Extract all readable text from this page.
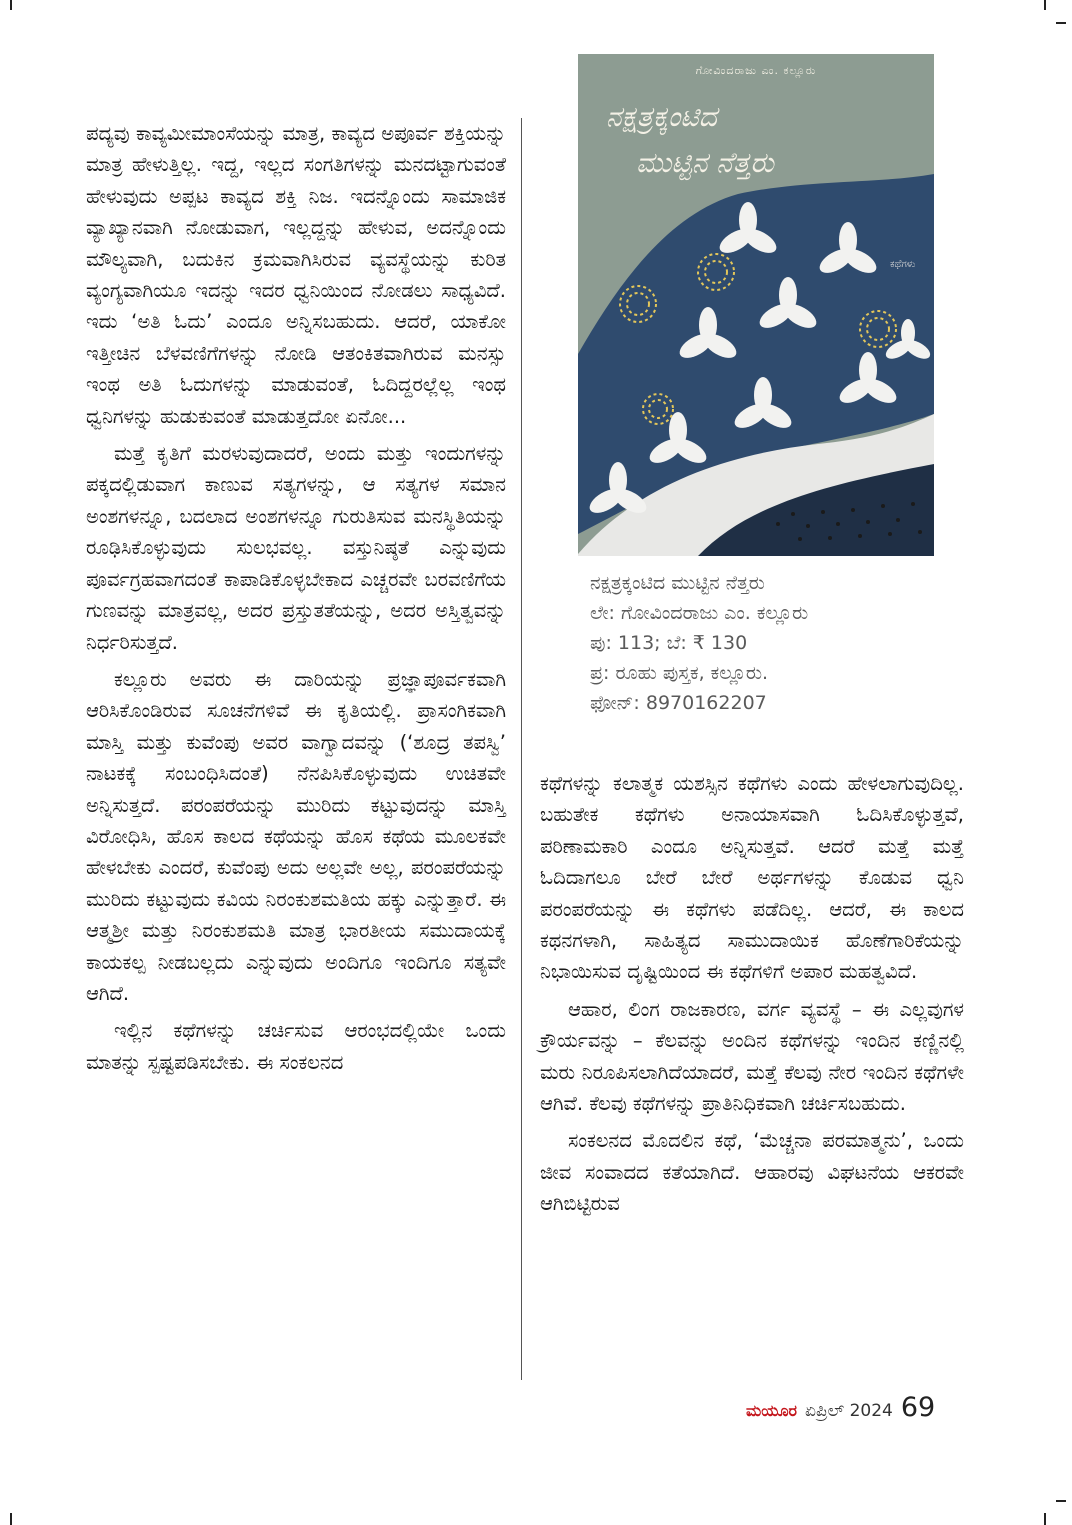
ಪದ್ಯವು ಕಾವ್ಯಮೀಮಾಂಸೆಯನ್ನು ಮಾತ್ರ, ಕಾವ್ಯದ ಅಪೂರ್ವ ಶಕ್ತಿಯನ್ನು ಮಾತ್ರ ಹೇಳುತ್ತಿಲ್ಲ. ಇದ್ದ, ಇಲ್ಲದ ಸಂಗತಿಗಳನ್ನು ಮನದಟ್ಟಾಗುವಂತೆ ಹೇಳುವುದು ಅಪ್ಪಟ ಕಾವ್ಯದ ಶಕ್ತಿ ನಿಜ. ಇದನ್ನೊಂದು ಸಾಮಾಜಿಕ ವ್ಯಾಖ್ಯಾನವಾಗಿ ನೋಡುವಾಗ, ಇಲ್ಲದ್ದನ್ನು ಹೇಳುವ, ಅದನ್ನೊಂದು ಮೌಲ್ಯವಾಗಿ, ಬದುಕಿನ ಕ್ರಮವಾಗಿಸಿರುವ ವ್ಯವಸ್ಥೆಯನ್ನು ಕುರಿತ ವ್ಯಂಗ್ಯವಾಗಿಯೂ ಇದನ್ನು ಇದರ ಧ್ವನಿಯಿಂದ ನೋಡಲು ಸಾಧ್ಯವಿದೆ. ಇದು ‘ಅತಿ ಓದು’ ಎಂದೂ ಅನ್ನಿಸಬಹುದು. ಆದರೆ, ಯಾಕೋ ಇತ್ತೀಚಿನ ಬೆಳವಣಿಗೆಗಳನ್ನು ನೋಡಿ ಆತಂಕಿತವಾಗಿರುವ ಮನಸ್ಸು ಇಂಥ ಅತಿ ಓದುಗಳನ್ನು ಮಾಡುವಂತೆ, ಓದಿದ್ದರಲ್ಲೆಲ್ಲ ಇಂಥ ಧ್ವನಿಗಳನ್ನು ಹುಡುಕುವಂತೆ ಮಾಡುತ್ತದೋ ಏನೋ...

ಮತ್ತೆ ಕೃತಿಗೆ ಮರಳುವುದಾದರೆ, ಅಂದು ಮತ್ತು ಇಂದುಗಳನ್ನು ಪಕ್ಕದಲ್ಲಿಡುವಾಗ ಕಾಣುವ ಸತ್ಯಗಳನ್ನು, ಆ ಸತ್ಯಗಳ ಸಮಾನ ಅಂಶಗಳನ್ನೂ, ಬದಲಾದ ಅಂಶಗಳನ್ನೂ ಗುರುತಿಸುವ ಮನಸ್ಥಿತಿಯನ್ನು ರೂಢಿಸಿಕೊಳ್ಳುವುದು ಸುಲಭವಲ್ಲ. ವಸ್ತುನಿಷ್ಠತೆ ಎನ್ನುವುದು ಪೂರ್ವಗ್ರಹವಾಗದಂತೆ ಕಾಪಾಡಿಕೊಳ್ಳಬೇಕಾದ ಎಚ್ಚರವೇ ಬರವಣಿಗೆಯ ಗುಣವನ್ನು ಮಾತ್ರವಲ್ಲ, ಅದರ ಪ್ರಸ್ತುತತೆಯನ್ನು, ಅದರ ಅಸ್ತಿತ್ವವನ್ನು ನಿರ್ಧರಿಸುತ್ತದೆ.

ಕಲ್ಲೂರು ಅವರು ಈ ದಾರಿಯನ್ನು ಪ್ರಜ್ಞಾಪೂರ್ವಕವಾಗಿ ಆರಿಸಿಕೊಂಡಿರುವ ಸೂಚನೆಗಳಿವೆ ಈ ಕೃತಿಯಲ್ಲಿ. ಪ್ರಾಸಂಗಿಕವಾಗಿ ಮಾಸ್ತಿ ಮತ್ತು ಕುವೆಂಪು ಅವರ ವಾಗ್ವಾದವನ್ನು (‘ಶೂದ್ರ ತಪಸ್ವಿ’ ನಾಟಕಕ್ಕೆ ಸಂಬಂಧಿಸಿದಂತೆ) ನೆನಪಿಸಿಕೊಳ್ಳುವುದು ಉಚಿತವೇ ಅನ್ನಿಸುತ್ತದೆ. ಪರಂಪರೆಯನ್ನು ಮುರಿದು ಕಟ್ಟುವುದನ್ನು ಮಾಸ್ತಿ ವಿರೋಧಿಸಿ, ಹೊಸ ಕಾಲದ ಕಥೆಯನ್ನು ಹೊಸ ಕಥೆಯ ಮೂಲಕವೇ ಹೇಳಬೇಕು ಎಂದರೆ, ಕುವೆಂಪು ಅದು ಅಲ್ಲವೇ ಅಲ್ಲ, ಪರಂಪರೆಯನ್ನು ಮುರಿದು ಕಟ್ಟುವುದು ಕವಿಯ ನಿರಂಕುಶಮತಿಯ ಹಕ್ಕು ಎನ್ನುತ್ತಾರೆ. ಈ ಆತ್ಮಶ್ರೀ ಮತ್ತು ನಿರಂಕುಶಮತಿ ಮಾತ್ರ ಭಾರತೀಯ ಸಮುದಾಯಕ್ಕೆ ಕಾಯಕಲ್ಪ ನೀಡಬಲ್ಲದು ಎನ್ನುವುದು ಅಂದಿಗೂ ಇಂದಿಗೂ ಸತ್ಯವೇ ಆಗಿದೆ.

ಇಲ್ಲಿನ ಕಥೆಗಳನ್ನು ಚರ್ಚಿಸುವ ಆರಂಭದಲ್ಲಿಯೇ ಒಂದು ಮಾತನ್ನು ಸ್ಪಷ್ಟಪಡಿಸಬೇಕು. ಈ ಸಂಕಲನದ

ಗೋವಿಂದರಾಜು ಎಂ. ಕಲ್ಲೂರು
ನಕ್ಷತ್ರಕ್ಕಂಟಿದ
ಮುಟ್ಟಿನ ನೆತ್ತರು
ಕಥೆಗಳು
ನಕ್ಷತ್ರಕ್ಕಂಟಿದ ಮುಟ್ಟಿನ ನೆತ್ತರು
ಲೇ: ಗೋವಿಂದರಾಜು ಎಂ. ಕಲ್ಲೂರು
ಪು: 113; ಬೆ: ₹ 130
ಪ್ರ: ರೂಹು ಪುಸ್ತಕ, ಕಲ್ಲೂರು.
ಫೋನ್: 8970162207

ಕಥೆಗಳನ್ನು ಕಲಾತ್ಮಕ ಯಶಸ್ಸಿನ ಕಥೆಗಳು ಎಂದು ಹೇಳಲಾಗುವುದಿಲ್ಲ. ಬಹುತೇಕ ಕಥೆಗಳು ಅನಾಯಾಸವಾಗಿ ಓದಿಸಿಕೊಳ್ಳುತ್ತವೆ, ಪರಿಣಾಮಕಾರಿ ಎಂದೂ ಅನ್ನಿಸುತ್ತವೆ. ಆದರೆ ಮತ್ತೆ ಮತ್ತೆ ಓದಿದಾಗಲೂ ಬೇರೆ ಬೇರೆ ಅರ್ಥಗಳನ್ನು ಕೊಡುವ ಧ್ವನಿ ಪರಂಪರೆಯನ್ನು ಈ ಕಥೆಗಳು ಪಡೆದಿಲ್ಲ. ಆದರೆ, ಈ ಕಾಲದ ಕಥನಗಳಾಗಿ, ಸಾಹಿತ್ಯದ ಸಾಮುದಾಯಿಕ ಹೊಣೆಗಾರಿಕೆಯನ್ನು ನಿಭಾಯಿಸುವ ದೃಷ್ಟಿಯಿಂದ ಈ ಕಥೆಗಳಿಗೆ ಅಪಾರ ಮಹತ್ವವಿದೆ.

ಆಹಾರ, ಲಿಂಗ ರಾಜಕಾರಣ, ವರ್ಗ ವ್ಯವಸ್ಥೆ – ಈ ಎಲ್ಲವುಗಳ ಕ್ರೌರ್ಯವನ್ನು – ಕೆಲವನ್ನು ಅಂದಿನ ಕಥೆಗಳನ್ನು ಇಂದಿನ ಕಣ್ಣಿನಲ್ಲಿ ಮರು ನಿರೂಪಿಸಲಾಗಿದೆಯಾದರೆ, ಮತ್ತೆ ಕೆಲವು ನೇರ ಇಂದಿನ ಕಥೆಗಳೇ ಆಗಿವೆ. ಕೆಲವು ಕಥೆಗಳನ್ನು ಪ್ರಾತಿನಿಧಿಕವಾಗಿ ಚರ್ಚಿಸಬಹುದು.

ಸಂಕಲನದ ಮೊದಲಿನ ಕಥೆ, ‘ಮೆಚ್ಚನಾ ಪರಮಾತ್ಮನು’, ಒಂದು ಜೀವ ಸಂವಾದದ ಕತೆಯಾಗಿದೆ. ಆಹಾರವು ವಿಘಟನೆಯ ಆಕರವೇ ಆಗಿಬಿಟ್ಟಿರುವ

ಮಯೂರ ಏಪ್ರಿಲ್ 2024 69
